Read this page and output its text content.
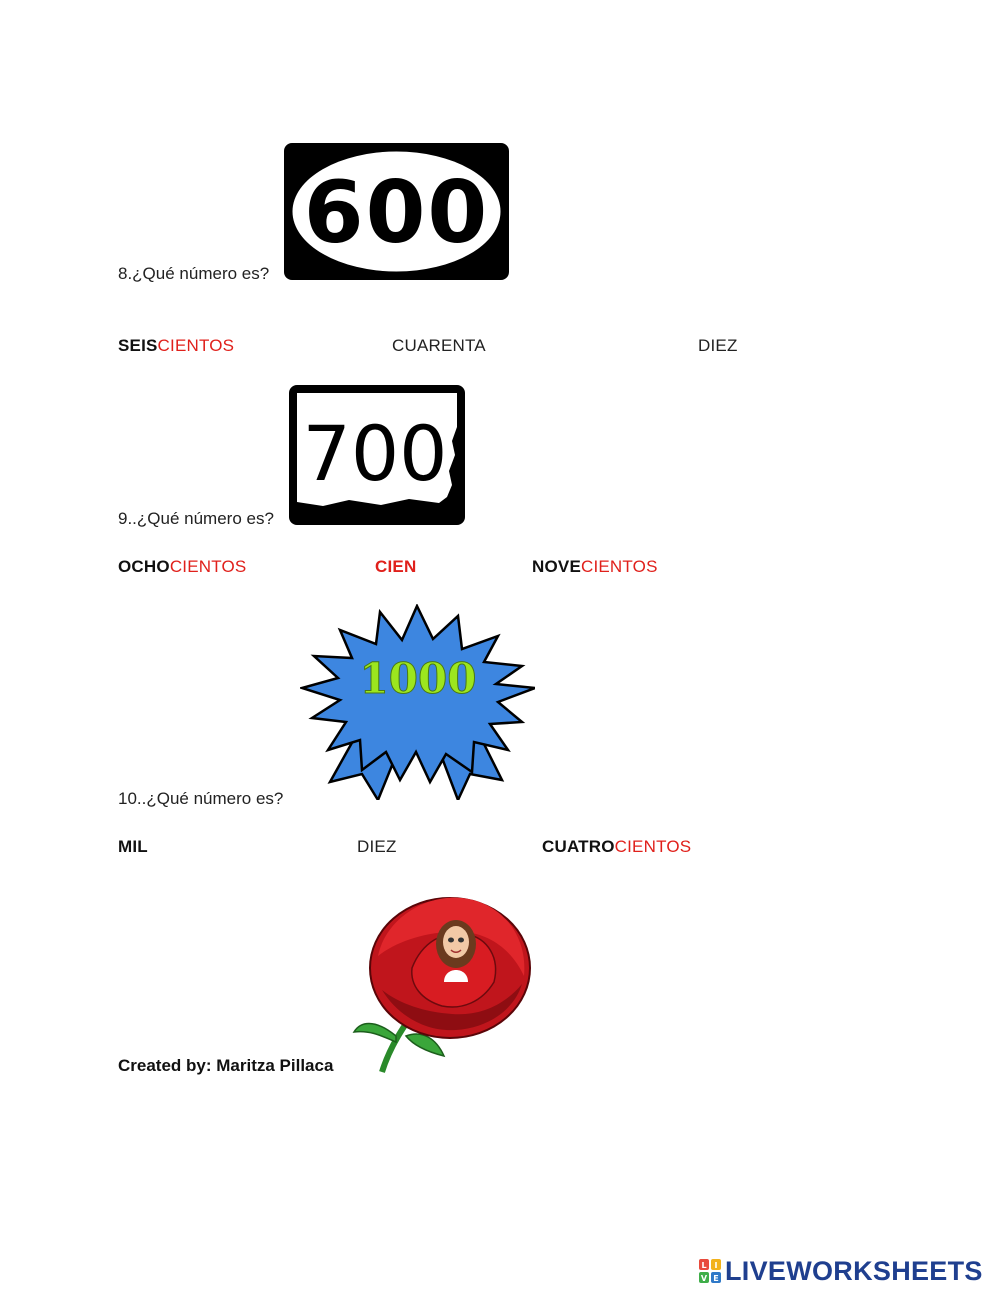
600
8.¿Qué número es?
SEISCIENTOS	CUARENTA	DIEZ
700
9..¿Qué número es?
OCHOCIENTOS	CIEN	NOVECIENTOS
1000
10..¿Qué número es?
MIL	DIEZ	CUATROCIENTOS
Created by: Maritza Pillaca
L I
V E LIVEWORKSHEETS
